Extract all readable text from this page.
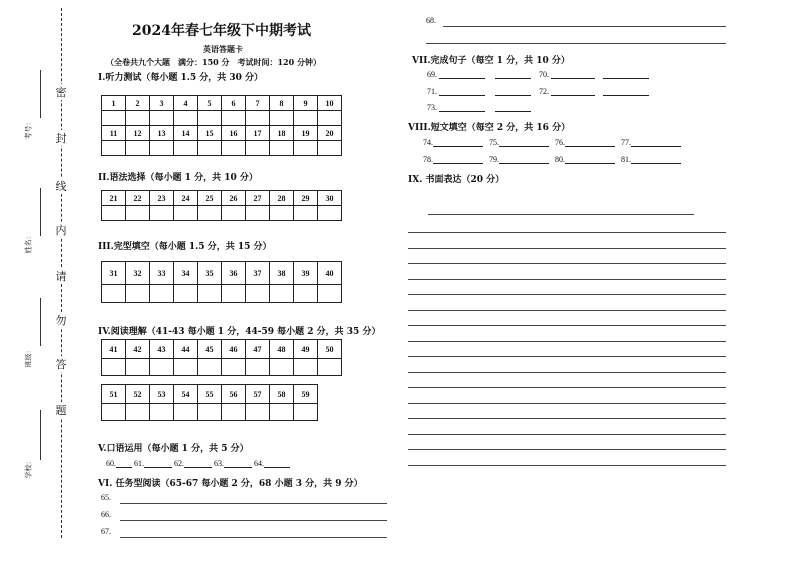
密
封
线
内
请
勿
答
题
考号：
姓名：
班级：
学校：
2024年春七年级下中期考试
英语答题卡
（全卷共九个大题　满分：150 分　考试时间：120 分钟）
I.听力测试（每小题 1.5 分，共 30 分）
1	2	3	4	5	6	7	8	9	10

11	12	13	14	15	16	17	18	19	20

II.语法选择（每小题 1 分，共 10 分）
21	22	23	24	25	26	27	28	29	30

III.完型填空（每小题 1.5 分，共 15 分）
31	32	33	34	35	36	37	38	39	40

IV.阅读理解（41-43 每小题 1 分，44-59 每小题 2 分，共 35 分）
41	42	43	44	45	46	47	48	49	50

51	52	53	54	55	56	57	58	59

V.口语运用（每小题 1 分，共 5 分）
60. 61.	62.	63.	64.
VI. 任务型阅读（65-67 每小题 2 分，68 小题 3 分，共 9 分）
65.
66.
67.
68.
VII.完成句子（每空 1 分，共 10 分）
69.	70.
71.	72.
73.
VIII.短文填空（每空 2 分，共 16 分）
74.	75.	76.	77.
78.	79.	80.	81.
IX. 书面表达（20 分）
